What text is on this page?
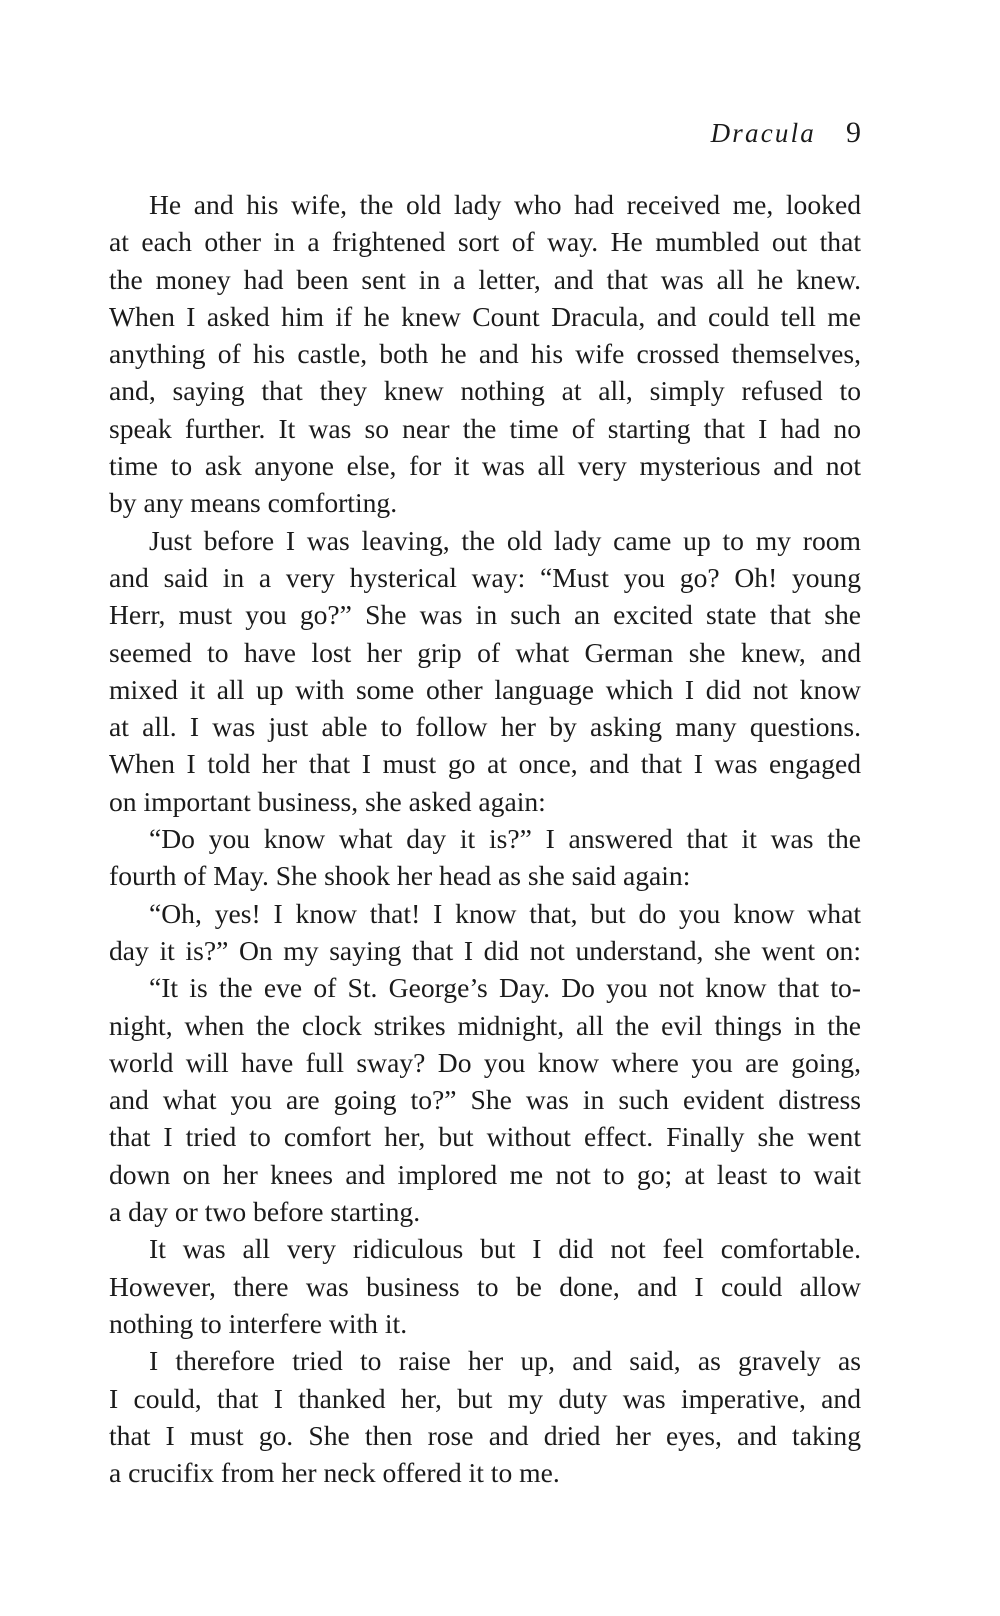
Dracula 9
He and his wife, the old lady who had received me, looked
at each other in a frightened sort of way. He mumbled out that
the money had been sent in a letter, and that was all he knew.
When I asked him if he knew Count Dracula, and could tell me
anything of his castle, both he and his wife crossed themselves,
and, saying that they knew nothing at all, simply refused to
speak further. It was so near the time of starting that I had no
time to ask anyone else, for it was all very mysterious and not
by any means comforting.
Just before I was leaving, the old lady came up to my room
and said in a very hysterical way: “Must you go? Oh! young
Herr, must you go?” She was in such an excited state that she
seemed to have lost her grip of what German she knew, and
mixed it all up with some other language which I did not know
at all. I was just able to follow her by asking many questions.
When I told her that I must go at once, and that I was engaged
on important business, she asked again:
“Do you know what day it is?” I answered that it was the
fourth of May. She shook her head as she said again:
“Oh, yes! I know that! I know that, but do you know what
day it is?” On my saying that I did not understand, she went on:
“It is the eve of St. George’s Day. Do you not know that to-
night, when the clock strikes midnight, all the evil things in the
world will have full sway? Do you know where you are going,
and what you are going to?” She was in such evident distress
that I tried to comfort her, but without effect. Finally she went
down on her knees and implored me not to go; at least to wait
a day or two before starting.
It was all very ridiculous but I did not feel comfortable.
However, there was business to be done, and I could allow
nothing to interfere with it.
I therefore tried to raise her up, and said, as gravely as
I could, that I thanked her, but my duty was imperative, and
that I must go. She then rose and dried her eyes, and taking
a crucifix from her neck offered it to me.
